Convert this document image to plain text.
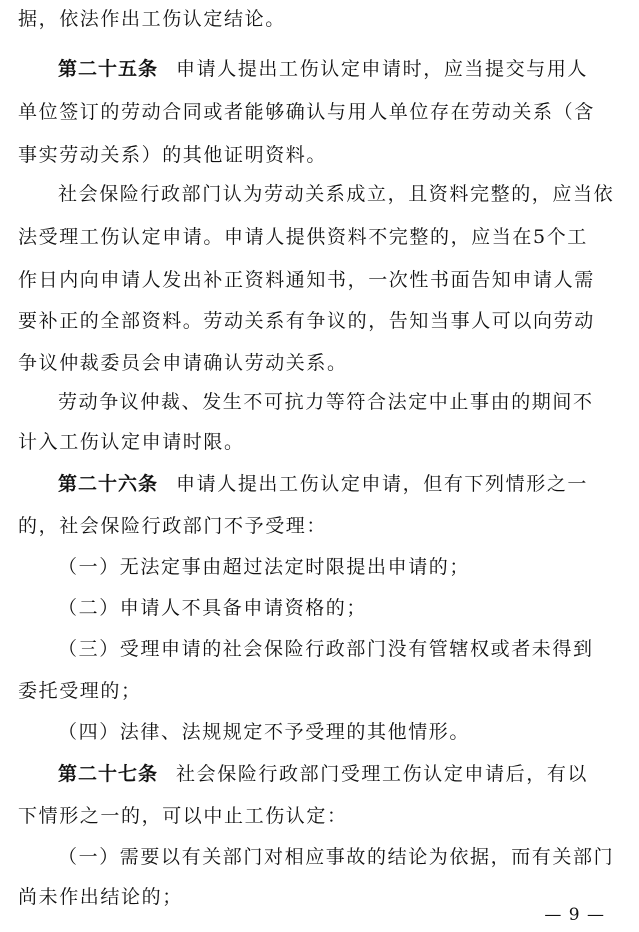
据，依法作出工伤认定结论。
第二十五条 申请人提出工伤认定申请时，应当提交与用人
单位签订的劳动合同或者能够确认与用人单位存在劳动关系（含
事实劳动关系）的其他证明资料。
社会保险行政部门认为劳动关系成立，且资料完整的，应当依
法受理工伤认定申请。申请人提供资料不完整的，应当在5个工
作日内向申请人发出补正资料通知书，一次性书面告知申请人需
要补正的全部资料。劳动关系有争议的，告知当事人可以向劳动
争议仲裁委员会申请确认劳动关系。
劳动争议仲裁、发生不可抗力等符合法定中止事由的期间不
计入工伤认定申请时限。
第二十六条 申请人提出工伤认定申请，但有下列情形之一
的，社会保险行政部门不予受理：
（一）无法定事由超过法定时限提出申请的；
（二）申请人不具备申请资格的；
（三）受理申请的社会保险行政部门没有管辖权或者未得到
委托受理的；
（四）法律、法规规定不予受理的其他情形。
第二十七条 社会保险行政部门受理工伤认定申请后，有以
下情形之一的，可以中止工伤认定：
（一）需要以有关部门对相应事故的结论为依据，而有关部门
尚未作出结论的；
— 9 —
